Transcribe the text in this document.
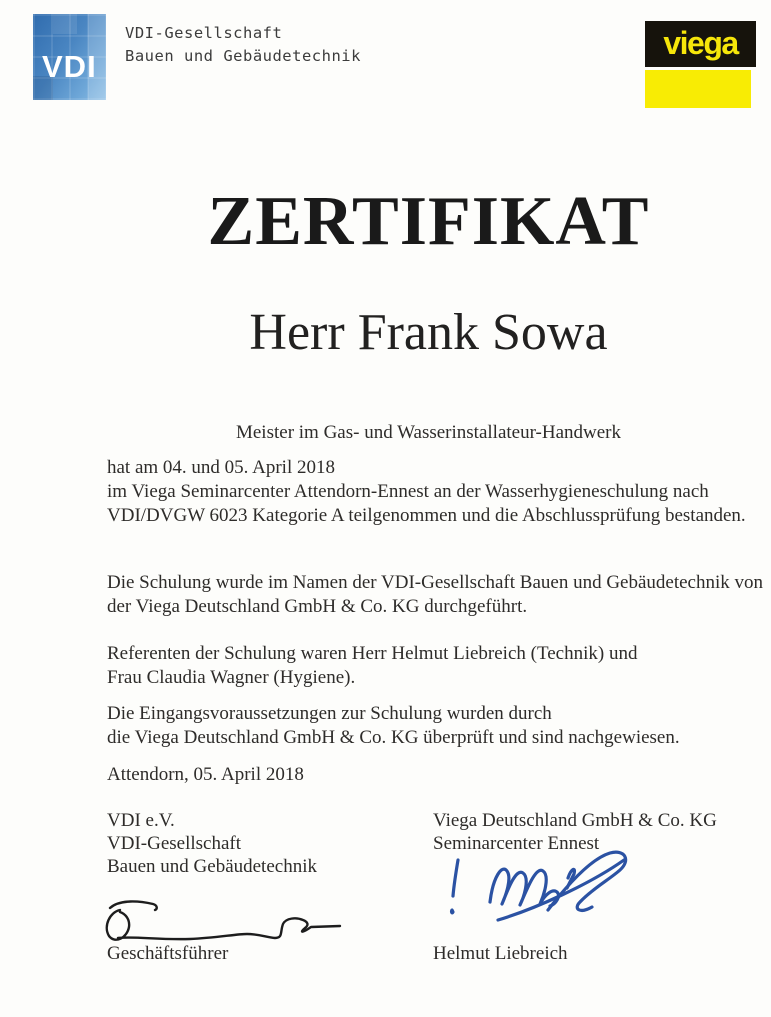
VDI
VDI-Gesellschaft
Bauen und Gebäudetechnik	viega
ZERTIFIKAT
Herr Frank Sowa
Meister im Gas- und Wasserinstallateur-Handwerk
hat am 04. und 05. April 2018
im Viega Seminarcenter Attendorn-Ennest an der Wasserhygieneschulung nach
VDI/DVGW 6023 Kategorie A teilgenommen und die Abschlussprüfung bestanden.
Die Schulung wurde im Namen der VDI-Gesellschaft Bauen und Gebäudetechnik von
der Viega Deutschland GmbH & Co. KG durchgeführt.
Referenten der Schulung waren Herr Helmut Liebreich (Technik) und
Frau Claudia Wagner (Hygiene).
Die Eingangsvoraussetzungen zur Schulung wurden durch
die Viega Deutschland GmbH & Co. KG überprüft und sind nachgewiesen.
Attendorn, 05. April 2018
VDI e.V.
VDI-Gesellschaft
Bauen und Gebäudetechnik
Viega Deutschland GmbH & Co. KG
Seminarcenter Ennest
Geschäftsführer	Helmut Liebreich
